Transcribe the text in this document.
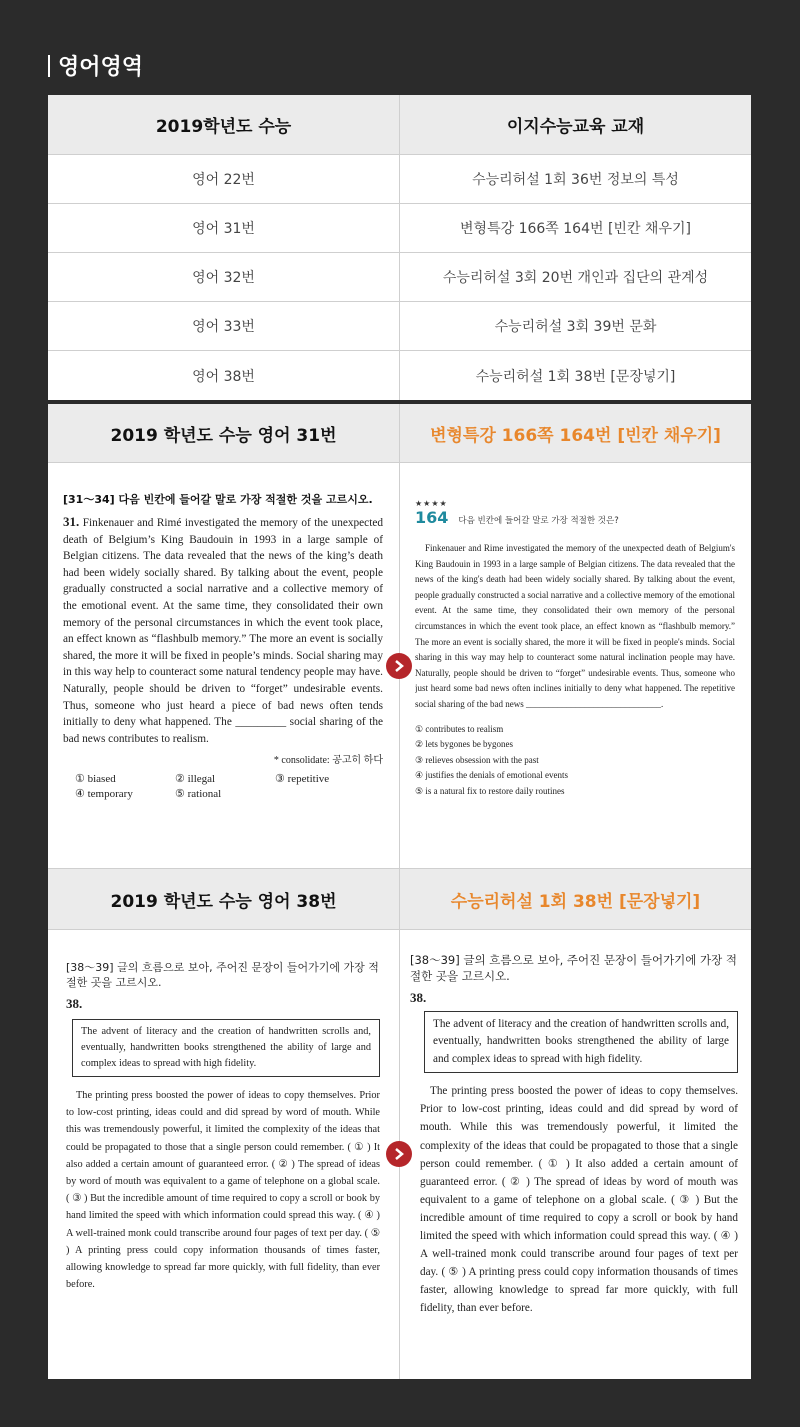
영어영역
2019학년도 수능	이지수능교육 교재
영어 22번	수능리허설 1회 36번 정보의 특성
영어 31번	변형특강 166쪽 164번 [빈칸 채우기]
영어 32번	수능리허설 3회 20번 개인과 집단의 관계성
영어 33번	수능리허설 3회 39번 문화
영어 38번	수능리허설 1회 38번 [문장넣기]
2019 학년도 수능 영어 31번	변형특강 166쪽 164번 [빈칸 채우기]
[31～34] 다음 빈칸에 들어갈 말로 가장 적절한 것을 고르시오.
31. Finkenauer and Rimé investigated the memory of the unexpected death of Belgium’s King Baudouin in 1993 in a large sample of Belgian citizens. The data revealed that the news of the king’s death had been widely socially shared. By talking about the event, people gradually constructed a social narrative and a collective memory of the emotional event. At the same time, they consolidated their own memory of the personal circumstances in which the event took place, an effect known as “flashbulb memory.” The more an event is socially shared, the more it will be fixed in people’s minds. Social sharing may in this way help to counteract some natural tendency people may have. Naturally, people should be driven to “forget” undesirable events. Thus, someone who just heard a piece of bad news often tends initially to deny what happened. The _________ social sharing of the bad news contributes to realism.
* consolidate: 공고히 하다
① biased	② illegal	③ repetitive
④ temporary	⑤ rational
★★★★
164 다음 빈칸에 들어갈 말로 가장 적절한 것은?
Finkenauer and Rime investigated the memory of the unexpected death of Belgium's King Baudouin in 1993 in a large sample of Belgian citizens. The data revealed that the news of the king's death had been widely socially shared. By talking about the event, people gradually constructed a social narrative and a collective memory of the emotional event. At the same time, they consolidated their own memory of the personal circumstances in which the event took place, an effect known as “flashbulb memory.” The more an event is socially shared, the more it will be fixed in people's minds. Social sharing in this way may help to counteract some natural inclination people may have. Naturally, people should be driven to “forget” undesirable events. Thus, someone who just heard some bad news often inclines initially to deny what happened. The repetitive social sharing of the bad news ______________________________.
① contributes to realism
② lets bygones be bygones
③ relieves obsession with the past
④ justifies the denials of emotional events
⑤ is a natural fix to restore daily routines
2019 학년도 수능 영어 38번	수능리허설 1회 38번 [문장넣기]
[38～39] 글의 흐름으로 보아, 주어진 문장이 들어가기에 가장 적절한 곳을 고르시오.
38.
The advent of literacy and the creation of handwritten scrolls and, eventually, handwritten books strengthened the ability of large and complex ideas to spread with high fidelity.
The printing press boosted the power of ideas to copy themselves. Prior to low-cost printing, ideas could and did spread by word of mouth. While this was tremendously powerful, it limited the complexity of the ideas that could be propagated to those that a single person could remember. ( ① ) It also added a certain amount of guaranteed error. ( ② ) The spread of ideas by word of mouth was equivalent to a game of telephone on a global scale. ( ③ ) But the incredible amount of time required to copy a scroll or book by hand limited the speed with which information could spread this way. ( ④ ) A well-trained monk could transcribe around four pages of text per day. ( ⑤ ) A printing press could copy information thousands of times faster, allowing knowledge to spread far more quickly, with full fidelity, than ever before.
[38～39] 글의 흐름으로 보아, 주어진 문장이 들어가기에 가장 적절한 곳을 고르시오.
38.
The advent of literacy and the creation of handwritten scrolls and, eventually, handwritten books strengthened the ability of large and complex ideas to spread with high fidelity.
The printing press boosted the power of ideas to copy themselves. Prior to low-cost printing, ideas could and did spread by word of mouth. While this was tremendously powerful, it limited the complexity of the ideas that could be propagated to those that a single person could remember. ( ① ) It also added a certain amount of guaranteed error. ( ② ) The spread of ideas by word of mouth was equivalent to a game of telephone on a global scale. ( ③ ) But the incredible amount of time required to copy a scroll or book by hand limited the speed with which information could spread this way. ( ④ ) A well-trained monk could transcribe around four pages of text per day. ( ⑤ ) A printing press could copy information thousands of times faster, allowing knowledge to spread far more quickly, with full fidelity, than ever before.
